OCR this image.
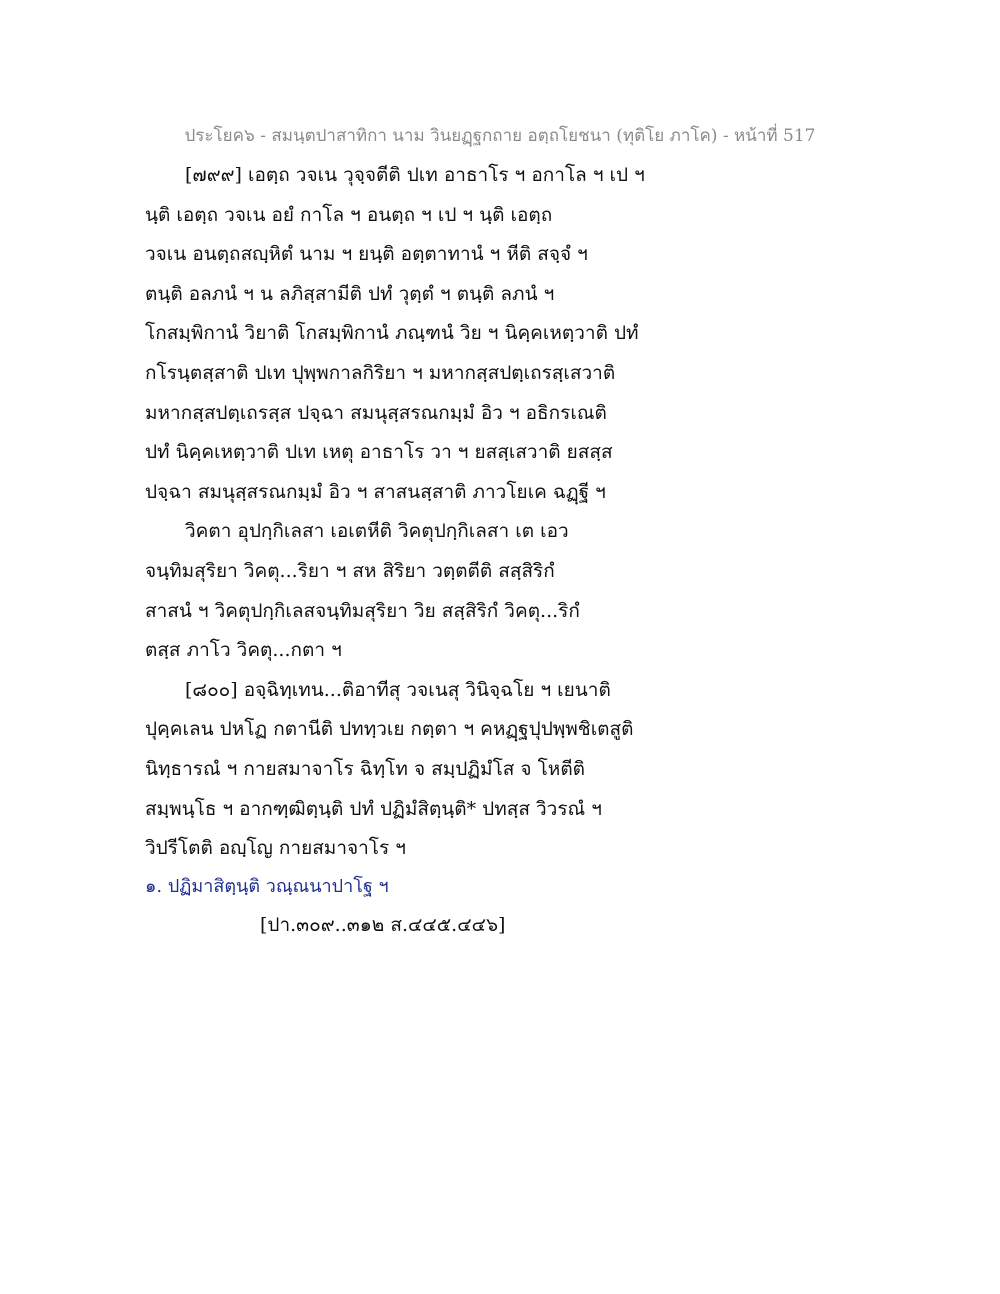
ประโยค๖ - สมนฺตปาสาทิกา นาม วินยฏฺฐกถาย อตฺถโยชนา (ทุติโย ภาโค) - หน้าที่ 517
[๗๙๙] เอตฺถ วจเน วุจฺจตีติ ปเท อาธาโร ฯ อกาโล ฯ เป ฯ
นฺติ เอตฺถ วจเน อยํ กาโล ฯ อนตฺถ ฯ เป ฯ นฺติ เอตฺถ
วจเน อนตฺถสญฺหิตํ นาม ฯ ยนฺติ อตฺตาทานํ ฯ หีติ สจฺจํ ฯ
ตนฺติ อลภนํ ฯ น ลภิสฺสามีติ ปทํ วุตฺตํ ฯ ตนฺติ ลภนํ ฯ
โกสมฺพิกานํ วิยาติ โกสมฺพิกานํ ภณฺฑนํ วิย ฯ นิคฺคเหตฺวาติ ปทํ
กโรนฺตสฺสาติ ปเท ปุพฺพกาลกิริยา ฯ มหากสฺสปตฺเถรสฺเสวาติ
มหากสฺสปตฺเถรสฺส ปจฺฉา สมนุสฺสรณกมฺมํ อิว ฯ อธิกรเณติ
ปทํ นิคฺคเหตฺวาติ ปเท เหตุ อาธาโร วา ฯ ยสสฺเสวาติ ยสสฺส
ปจฺฉา สมนุสฺสรณกมฺมํ อิว ฯ สาสนสฺสาติ ภาวโยเค ฉฏฺฐี ฯ
วิคตา อุปกฺกิเลสา เอเตหีติ วิคตุปกฺกิเลสา เต เอว
จนฺทิมสุริยา วิคตุ...ริยา ฯ สห สิริยา วตฺตตีติ สสฺสิริกํ
สาสนํ ฯ วิคตุปกฺกิเลสจนฺทิมสุริยา วิย สสฺสิริกํ วิคตุ...ริกํ
ตสฺส ภาโว วิคตุ...กตา ฯ
[๘๐๐] อจฺฉิทฺเทน...ติอาทีสุ วจเนสุ วินิจฺฉโย ฯ เยนาติ
ปุคฺคเลน ปหโฏ กตานีติ ปททฺวเย กตฺตา ฯ คหฏฺฐปุปพฺพชิเตสูติ
นิทฺธารณํ ฯ กายสมาจาโร ฉิทฺโท จ สมฺปฏิมํโส จ โหตีติ
สมฺพนฺโธ ฯ อากฑฺฒิตฺนฺติ ปทํ ปฏิมํสิตฺนฺติ* ปทสฺส วิวรณํ ฯ
วิปรีโตติ อญฺโญ กายสมาจาโร ฯ
๑. ปฏิมาสิตฺนฺติ วณฺณนาปาโฐ ฯ
[ปา.๓๐๙..๓๑๒ ส.๔๔๕.๔๔๖]
